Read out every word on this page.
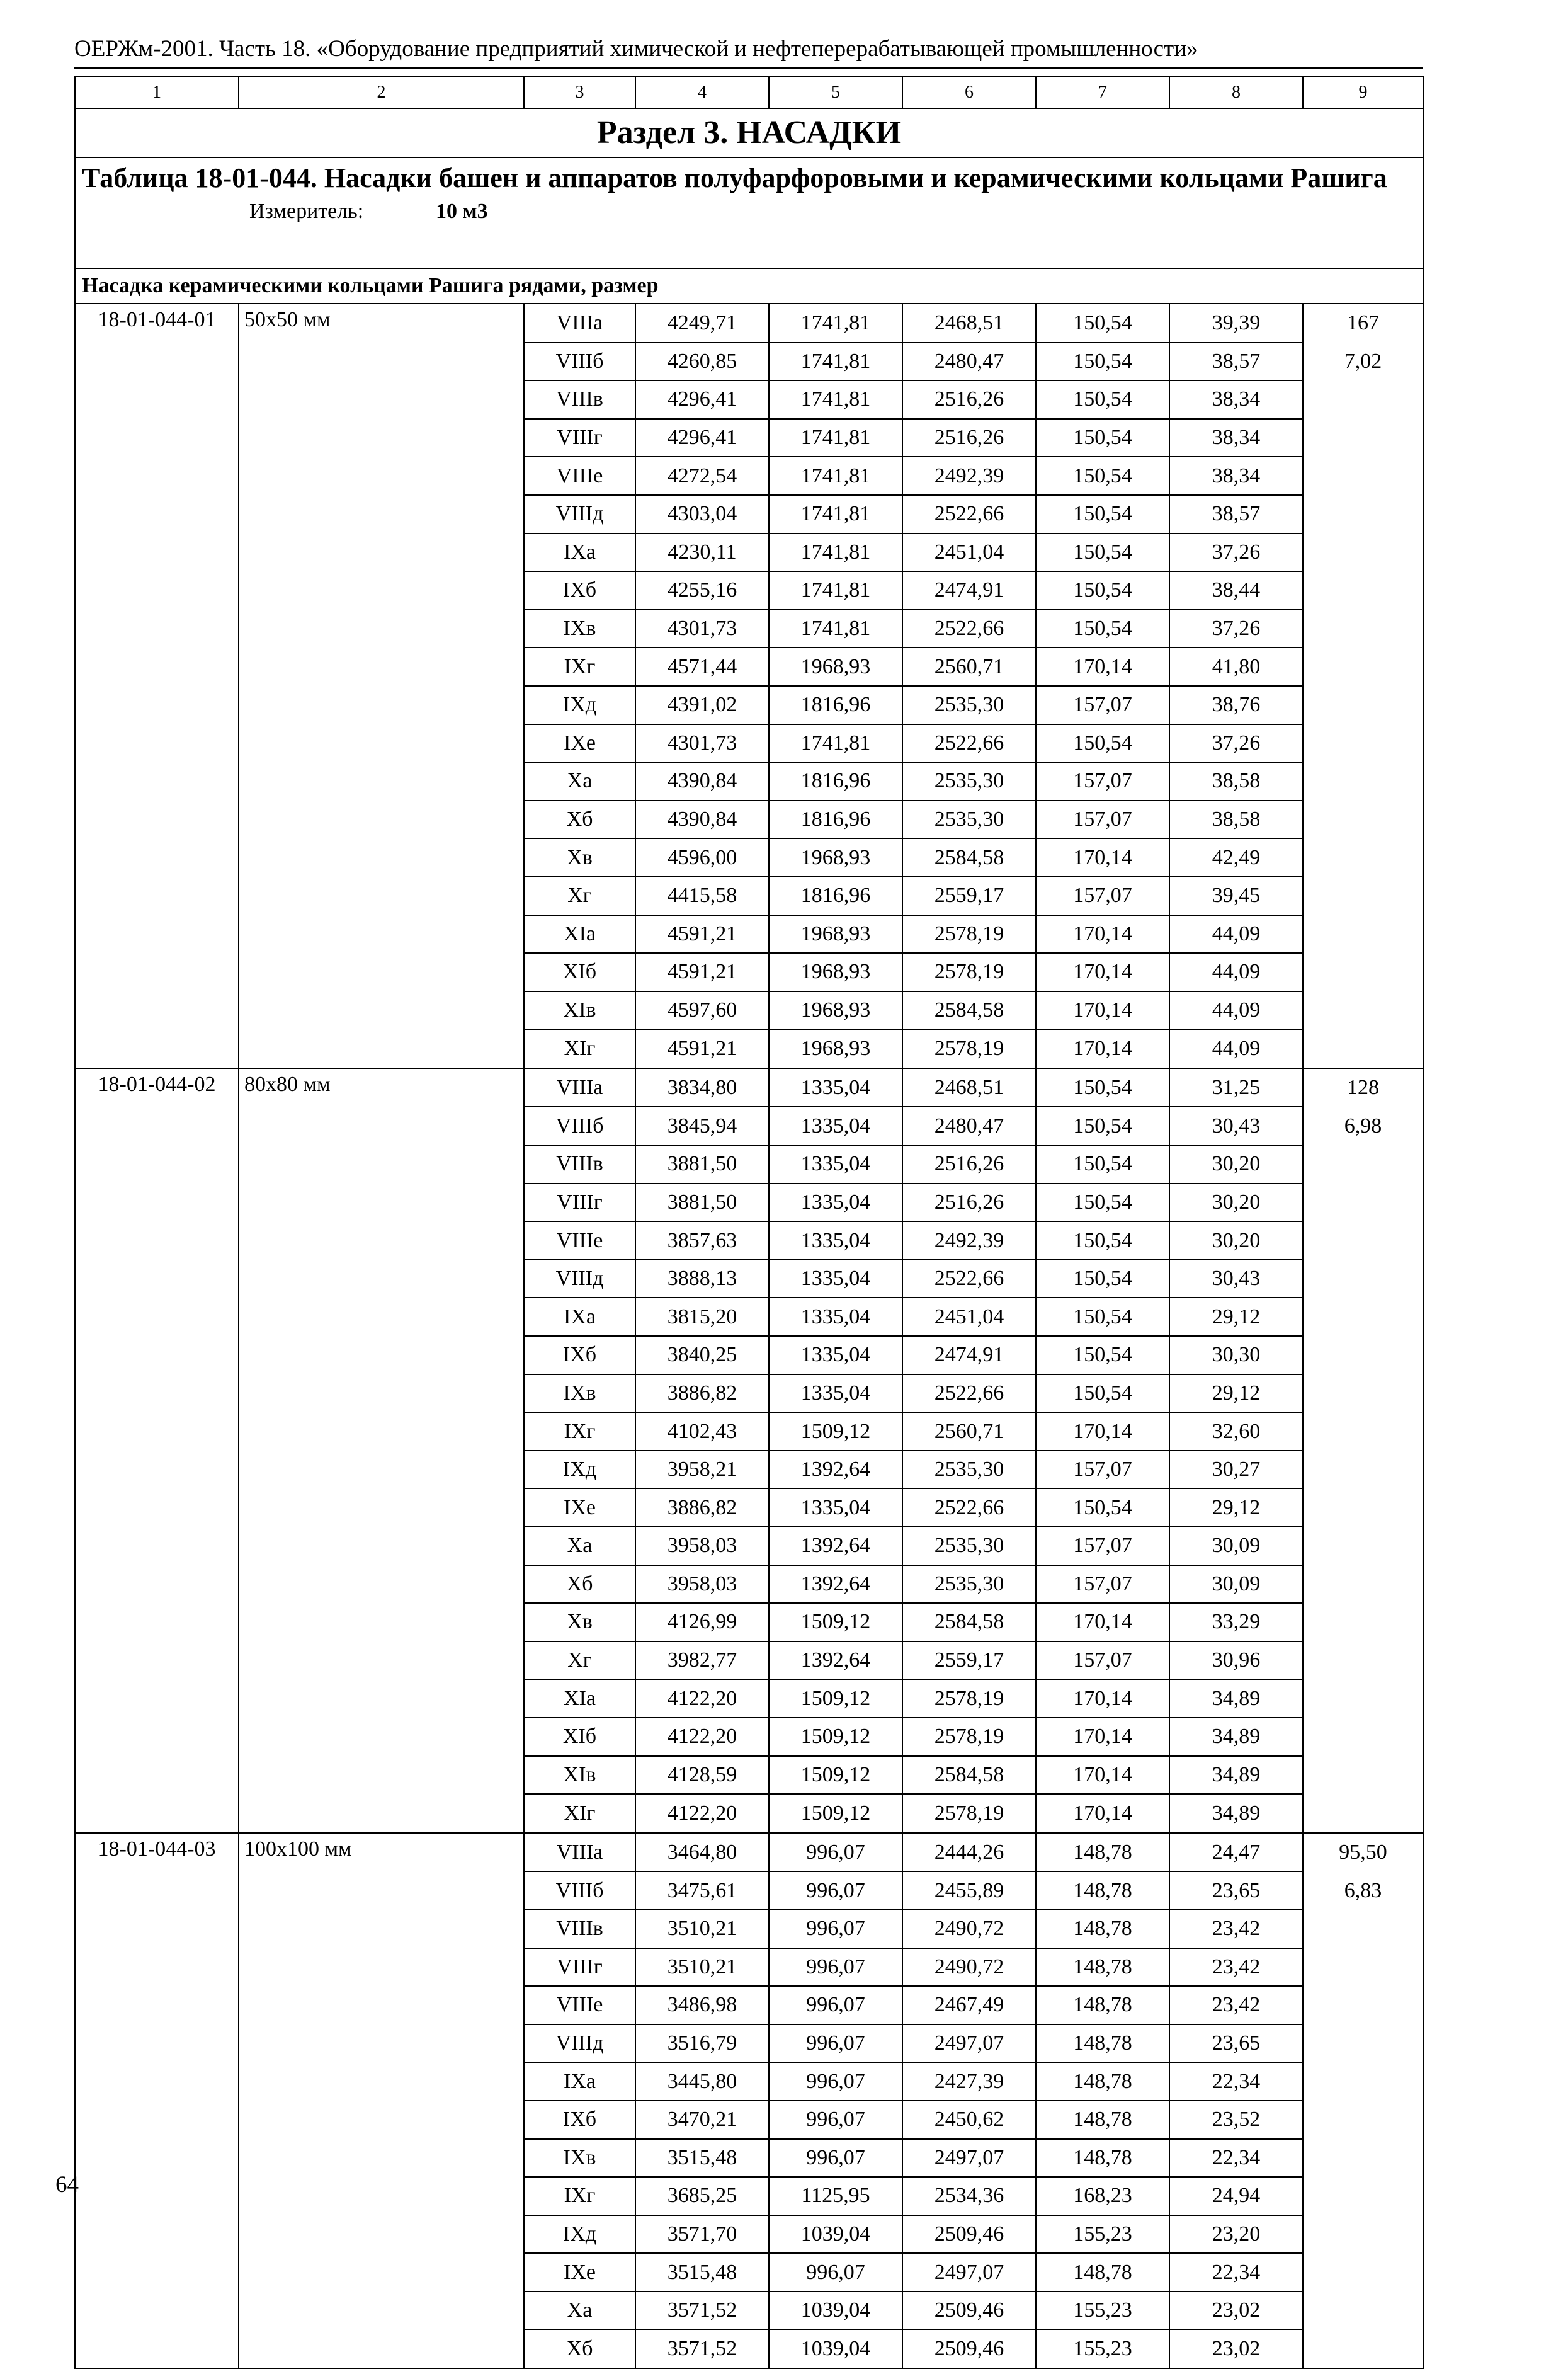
ОЕРЖм-2001. Часть 18. «Оборудование предприятий химической и нефтеперерабатывающей промышленности»
1	2	3	4	5	6	7	8	9
Раздел 3. НАСАДКИ								

Таблица 18-01-044. Насадки башен и аппаратов полуфарфоровыми и керамическими кольцами Рашига
Измеритель: 10 м3								

Насадка керамическими кольцами Рашига рядами, размер								
18-01-044-01	50х50 мм	VIIIа	4249,71	1741,81	2468,51	150,54	39,39	167
		VIIIб	4260,85	1741,81	2480,47	150,54	38,57	7,02
		VIIIв	4296,41	1741,81	2516,26	150,54	38,34	
		VIIIг	4296,41	1741,81	2516,26	150,54	38,34	
		VIIIе	4272,54	1741,81	2492,39	150,54	38,34	
		VIIIд	4303,04	1741,81	2522,66	150,54	38,57	
		IXа	4230,11	1741,81	2451,04	150,54	37,26	
		IXб	4255,16	1741,81	2474,91	150,54	38,44	
		IXв	4301,73	1741,81	2522,66	150,54	37,26	
		IXг	4571,44	1968,93	2560,71	170,14	41,80	
		IXд	4391,02	1816,96	2535,30	157,07	38,76	
		IXе	4301,73	1741,81	2522,66	150,54	37,26	
		Xа	4390,84	1816,96	2535,30	157,07	38,58	
		Xб	4390,84	1816,96	2535,30	157,07	38,58	
		Xв	4596,00	1968,93	2584,58	170,14	42,49	
		Xг	4415,58	1816,96	2559,17	157,07	39,45	
		XIа	4591,21	1968,93	2578,19	170,14	44,09	
		XIб	4591,21	1968,93	2578,19	170,14	44,09	
		XIв	4597,60	1968,93	2584,58	170,14	44,09	
		XIг	4591,21	1968,93	2578,19	170,14	44,09	
18-01-044-02	80х80 мм	VIIIа	3834,80	1335,04	2468,51	150,54	31,25	128
		VIIIб	3845,94	1335,04	2480,47	150,54	30,43	6,98
		VIIIв	3881,50	1335,04	2516,26	150,54	30,20	
		VIIIг	3881,50	1335,04	2516,26	150,54	30,20	
		VIIIе	3857,63	1335,04	2492,39	150,54	30,20	
		VIIIд	3888,13	1335,04	2522,66	150,54	30,43	
		IXа	3815,20	1335,04	2451,04	150,54	29,12	
		IXб	3840,25	1335,04	2474,91	150,54	30,30	
		IXв	3886,82	1335,04	2522,66	150,54	29,12	
		IXг	4102,43	1509,12	2560,71	170,14	32,60	
		IXд	3958,21	1392,64	2535,30	157,07	30,27	
		IXе	3886,82	1335,04	2522,66	150,54	29,12	
		Xа	3958,03	1392,64	2535,30	157,07	30,09	
		Xб	3958,03	1392,64	2535,30	157,07	30,09	
		Xв	4126,99	1509,12	2584,58	170,14	33,29	
		Xг	3982,77	1392,64	2559,17	157,07	30,96	
		XIа	4122,20	1509,12	2578,19	170,14	34,89	
		XIб	4122,20	1509,12	2578,19	170,14	34,89	
		XIв	4128,59	1509,12	2584,58	170,14	34,89	
		XIг	4122,20	1509,12	2578,19	170,14	34,89	
18-01-044-03	100х100 мм	VIIIа	3464,80	996,07	2444,26	148,78	24,47	95,50
		VIIIб	3475,61	996,07	2455,89	148,78	23,65	6,83
		VIIIв	3510,21	996,07	2490,72	148,78	23,42	
		VIIIг	3510,21	996,07	2490,72	148,78	23,42	
		VIIIе	3486,98	996,07	2467,49	148,78	23,42	
		VIIIд	3516,79	996,07	2497,07	148,78	23,65	
		IXа	3445,80	996,07	2427,39	148,78	22,34	
		IXб	3470,21	996,07	2450,62	148,78	23,52	
		IXв	3515,48	996,07	2497,07	148,78	22,34	
		IXг	3685,25	1125,95	2534,36	168,23	24,94	
		IXд	3571,70	1039,04	2509,46	155,23	23,20	
		IXе	3515,48	996,07	2497,07	148,78	22,34	
		Xа	3571,52	1039,04	2509,46	155,23	23,02	
		Xб	3571,52	1039,04	2509,46	155,23	23,02	
64
